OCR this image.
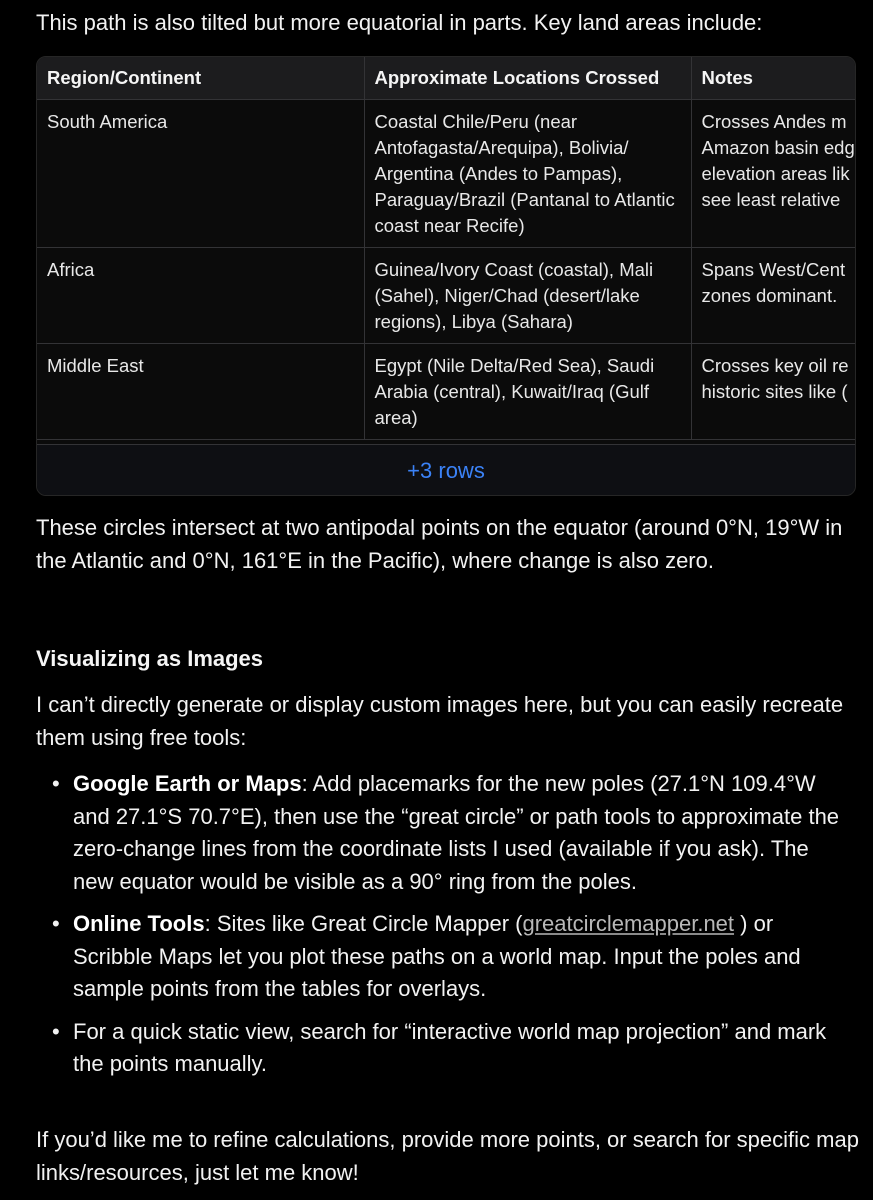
This path is also tilted but more equatorial in parts. Key land areas include:

Region/Continent	Approximate Locations Crossed	Notes
South America	Coastal Chile/Peru (near Antofagasta/Arequipa), Bolivia/ Argentina (Andes to Pampas), Paraguay/Brazil (Pantanal to Atlantic coast near Recife)	Crosses Andes m
Amazon basin edg
elevation areas lik
see least relative
Africa	Guinea/Ivory Coast (coastal), Mali (Sahel), Niger/Chad (desert/lake regions), Libya (Sahara)	Spans West/Cent
zones dominant.
Middle East	Egypt (Nile Delta/Red Sea), Saudi Arabia (central), Kuwait/Iraq (Gulf area)	Crosses key oil re
historic sites like (
+3 rows

These circles intersect at two antipodal points on the equator (around 0°N, 19°W in the Atlantic and 0°N, 161°E in the Pacific), where change is also zero.

Visualizing as Images

I can’t directly generate or display custom images here, but you can easily recreate them using free tools:

• Google Earth or Maps: Add placemarks for the new poles (27.1°N 109.4°W and 27.1°S 70.7°E), then use the “great circle” or path tools to approximate the zero-change lines from the coordinate lists I used (available if you ask). The new equator would be visible as a 90° ring from the poles.
• Online Tools: Sites like Great Circle Mapper (greatcirclemapper.net ) or Scribble Maps let you plot these paths on a world map. Input the poles and sample points from the tables for overlays.
• For a quick static view, search for “interactive world map projection” and mark the points manually.

If you’d like me to refine calculations, provide more points, or search for specific map links/resources, just let me know!
